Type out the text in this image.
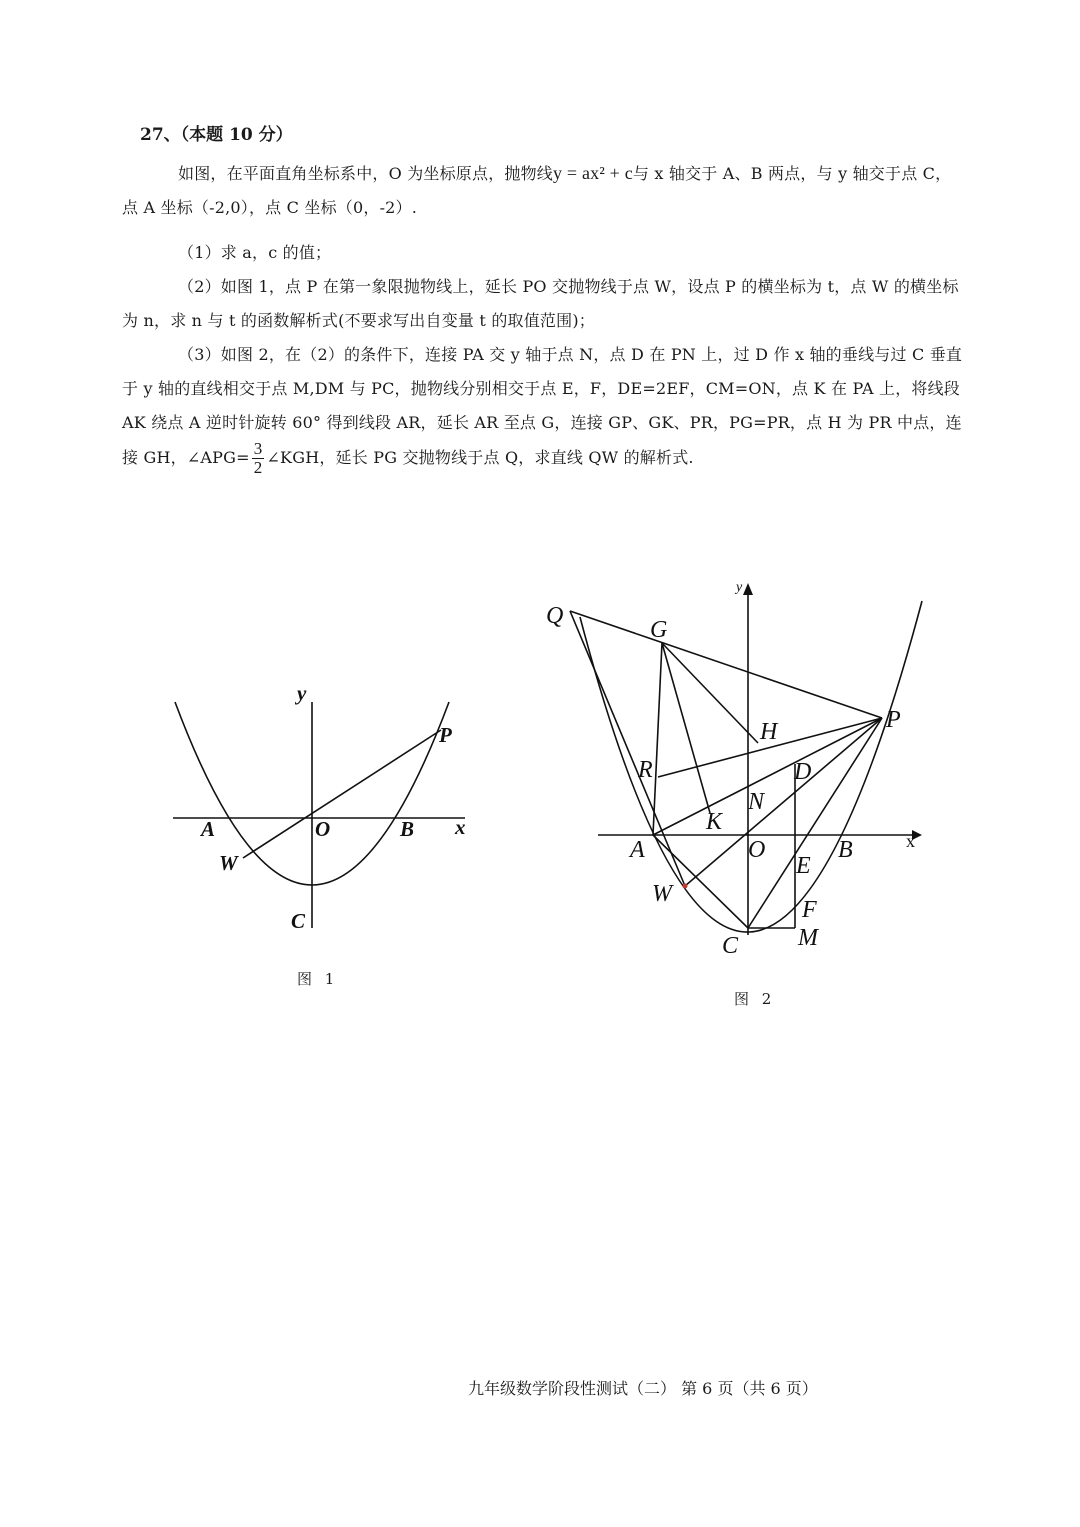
27、（本题 10 分）

如图，在平面直角坐标系中，O 为坐标原点，抛物线y = ax² + c与 x 轴交于 A、B 两点，与 y 轴交于点 C，点 A 坐标（-2,0），点 C 坐标（0，-2）.

（1）求 a，c 的值；

（2）如图 1，点 P 在第一象限抛物线上，延长 PO 交抛物线于点 W，设点 P 的横坐标为 t，点 W 的横坐标为 n，求 n 与 t 的函数解析式(不要求写出自变量 t 的取值范围)；

（3）如图 2，在（2）的条件下，连接 PA 交 y 轴于点 N，点 D 在 PN 上，过 D 作 x 轴的垂线与过 C 垂直于 y 轴的直线相交于点 M,DM 与 PC，抛物线分别相交于点 E，F，DE=2EF，CM=ON，点 K 在 PA 上，将线段 AK 绕点 A 逆时针旋转 60° 得到线段 AR，延长 AR 至点 G，连接 GP、GK、PR，PG=PR，点 H 为 PR 中点，连接 GH，∠APG= $\frac{3}{2}$ ∠KGH，延长 PG 交抛物线于点 Q，求直线 QW 的解析式.

y
x
A	O	B
P
W
C
图 1
y
x
Q
G
H	P
R	D
N
K
A	O	B
E
W
F
C M
图 2
九年级数学阶段性测试（二） 第 6 页（共 6 页）
